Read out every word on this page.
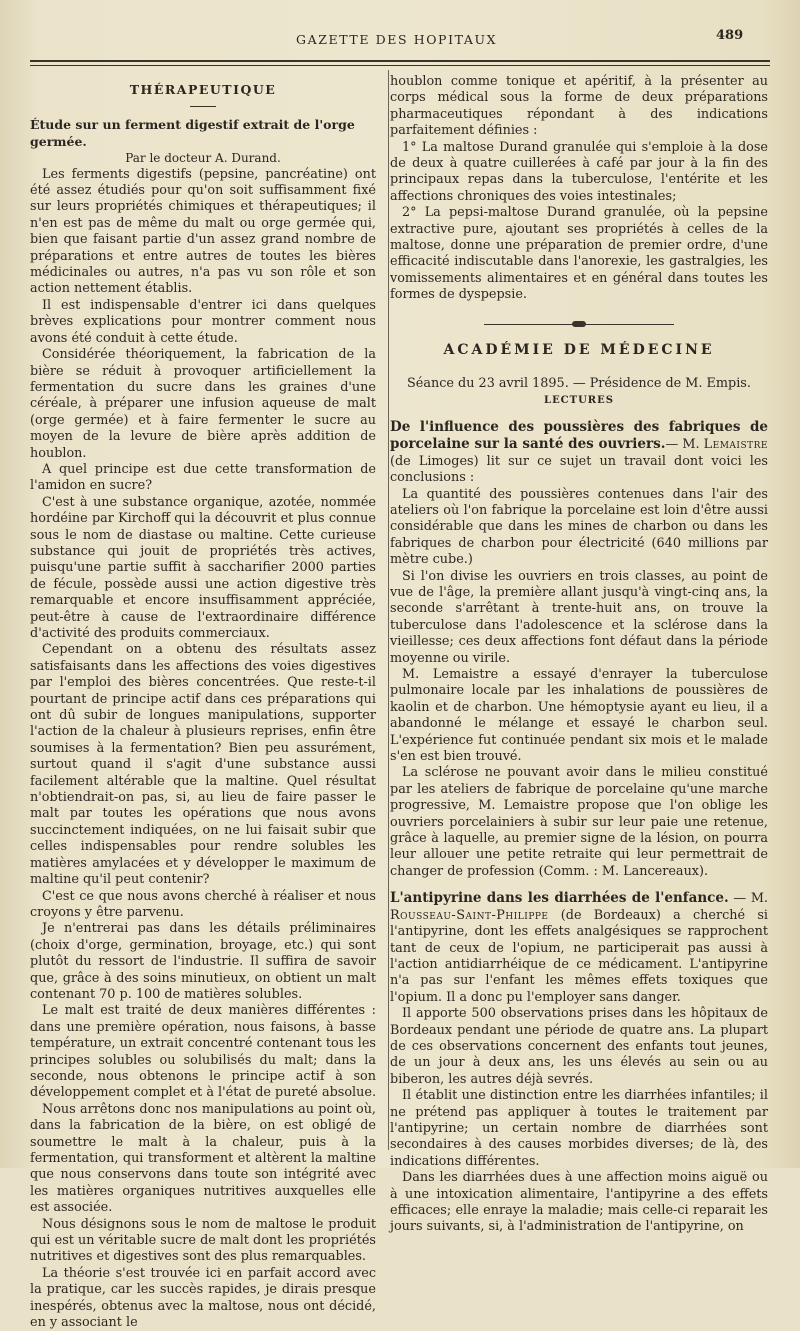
GAZETTE DES HOPITAUX	489
THÉRAPEUTIQUE

Étude sur un ferment digestif extrait de l'orge germée.

Par le docteur A. Durand.

Les ferments digestifs (pepsine, pancréatine) ont été assez étudiés pour qu'on soit suffisamment fixé sur leurs propriétés chimiques et thérapeutiques; il n'en est pas de même du malt ou orge germée qui, bien que faisant partie d'un assez grand nombre de préparations et entre autres de toutes les bières médicinales ou autres, n'a pas vu son rôle et son action nettement établis.

Il est indispensable d'entrer ici dans quelques brèves explications pour montrer comment nous avons été conduit à cette étude.

Considérée théoriquement, la fabrication de la bière se réduit à provoquer artificiellement la fermentation du sucre dans les graines d'une céréale, à préparer une infusion aqueuse de malt (orge germée) et à faire fermenter le sucre au moyen de la levure de bière après addition de houblon.

A quel principe est due cette transformation de l'amidon en sucre?

C'est à une substance organique, azotée, nommée hordéine par Kirchoff qui la découvrit et plus connue sous le nom de diastase ou maltine. Cette curieuse substance qui jouit de propriétés très actives, puisqu'une partie suffit à saccharifier 2000 parties de fécule, possède aussi une action digestive très remarquable et encore insuffisamment appréciée, peut-être à cause de l'extraordinaire différence d'activité des produits commerciaux.

Cependant on a obtenu des résultats assez satisfaisants dans les affections des voies digestives par l'emploi des bières concentrées. Que reste-t-il pourtant de principe actif dans ces préparations qui ont dû subir de longues manipulations, supporter l'action de la chaleur à plusieurs reprises, enfin être soumises à la fermentation? Bien peu assurément, surtout quand il s'agit d'une substance aussi facilement altérable que la maltine. Quel résultat n'obtiendrait-on pas, si, au lieu de faire passer le malt par toutes les opérations que nous avons succinctement indiquées, on ne lui faisait subir que celles indispensables pour rendre solubles les matières amylacées et y développer le maximum de maltine qu'il peut contenir?

C'est ce que nous avons cherché à réaliser et nous croyons y être parvenu.

Je n'entrerai pas dans les détails préliminaires (choix d'orge, germination, broyage, etc.) qui sont plutôt du ressort de l'industrie. Il suffira de savoir que, grâce à des soins minutieux, on obtient un malt contenant 70 p. 100 de matières solubles.

Le malt est traité de deux manières différentes : dans une première opération, nous faisons, à basse température, un extrait concentré contenant tous les principes solubles ou solubilisés du malt; dans la seconde, nous obtenons le principe actif à son développement complet et à l'état de pureté absolue.

Nous arrêtons donc nos manipulations au point où, dans la fabrication de la bière, on est obligé de soumettre le malt à la chaleur, puis à la fermentation, qui transforment et altèrent la maltine que nous conservons dans toute son intégrité avec les matières organiques nutritives auxquelles elle est associée.

Nous désignons sous le nom de maltose le produit qui est un véritable sucre de malt dont les propriétés nutritives et digestives sont des plus remarquables.

La théorie s'est trouvée ici en parfait accord avec la pratique, car les succès rapides, je dirais presque inespérés, obtenus avec la maltose, nous ont décidé, en y associant le

houblon comme tonique et apéritif, à la présenter au corps médical sous la forme de deux préparations pharmaceutiques répondant à des indications parfaitement définies :

1° La maltose Durand granulée qui s'emploie à la dose de deux à quatre cuillerées à café par jour à la fin des principaux repas dans la tuberculose, l'entérite et les affections chroniques des voies intestinales;

2° La pepsi-maltose Durand granulée, où la pepsine extractive pure, ajoutant ses propriétés à celles de la maltose, donne une préparation de premier ordre, d'une efficacité indiscutable dans l'anorexie, les gastralgies, les vomissements alimentaires et en général dans toutes les formes de dyspepsie.

ACADÉMIE DE MÉDECINE

Séance du 23 avril 1895. — Présidence de M. Empis.

LECTURES

De l'influence des poussières des fabriques de porcelaine sur la santé des ouvriers.— M. Lemaistre (de Limoges) lit sur ce sujet un travail dont voici les conclusions :

La quantité des poussières contenues dans l'air des ateliers où l'on fabrique la porcelaine est loin d'être aussi considérable que dans les mines de charbon ou dans les fabriques de charbon pour électricité (640 millions par mètre cube.)

Si l'on divise les ouvriers en trois classes, au point de vue de l'âge, la première allant jusqu'à vingt-cinq ans, la seconde s'arrêtant à trente-huit ans, on trouve la tuberculose dans l'adolescence et la sclérose dans la vieillesse; ces deux affections font défaut dans la période moyenne ou virile.

M. Lemaistre a essayé d'enrayer la tuberculose pulmonaire locale par les inhalations de poussières de kaolin et de charbon. Une hémoptysie ayant eu lieu, il a abandonné le mélange et essayé le charbon seul. L'expérience fut continuée pendant six mois et le malade s'en est bien trouvé.

La sclérose ne pouvant avoir dans le milieu constitué par les ateliers de fabrique de porcelaine qu'une marche progressive, M. Lemaistre propose que l'on oblige les ouvriers porcelainiers à subir sur leur paie une retenue, grâce à laquelle, au premier signe de la lésion, on pourra leur allouer une petite retraite qui leur permettrait de changer de profession (Comm. : M. Lancereaux).

L'antipyrine dans les diarrhées de l'enfance. — M. Rousseau-Saint-Philippe (de Bordeaux) a cherché si l'antipyrine, dont les effets analgésiques se rapprochent tant de ceux de l'opium, ne participerait pas aussi à l'action antidiarrhéique de ce médicament. L'antipyrine n'a pas sur l'enfant les mêmes effets toxiques que l'opium. Il a donc pu l'employer sans danger.

Il apporte 500 observations prises dans les hôpitaux de Bordeaux pendant une période de quatre ans. La plupart de ces observations concernent des enfants tout jeunes, de un jour à deux ans, les uns élevés au sein ou au biberon, les autres déjà sevrés.

Il établit une distinction entre les diarrhées infantiles; il ne prétend pas appliquer à toutes le traitement par l'antipyrine; un certain nombre de diarrhées sont secondaires à des causes morbides diverses; de là, des indications différentes.

Dans les diarrhées dues à une affection moins aiguë ou à une intoxication alimentaire, l'antipyrine a des effets efficaces; elle enraye la maladie; mais celle-ci reparait les jours suivants, si, à l'administration de l'antipyrine, on
